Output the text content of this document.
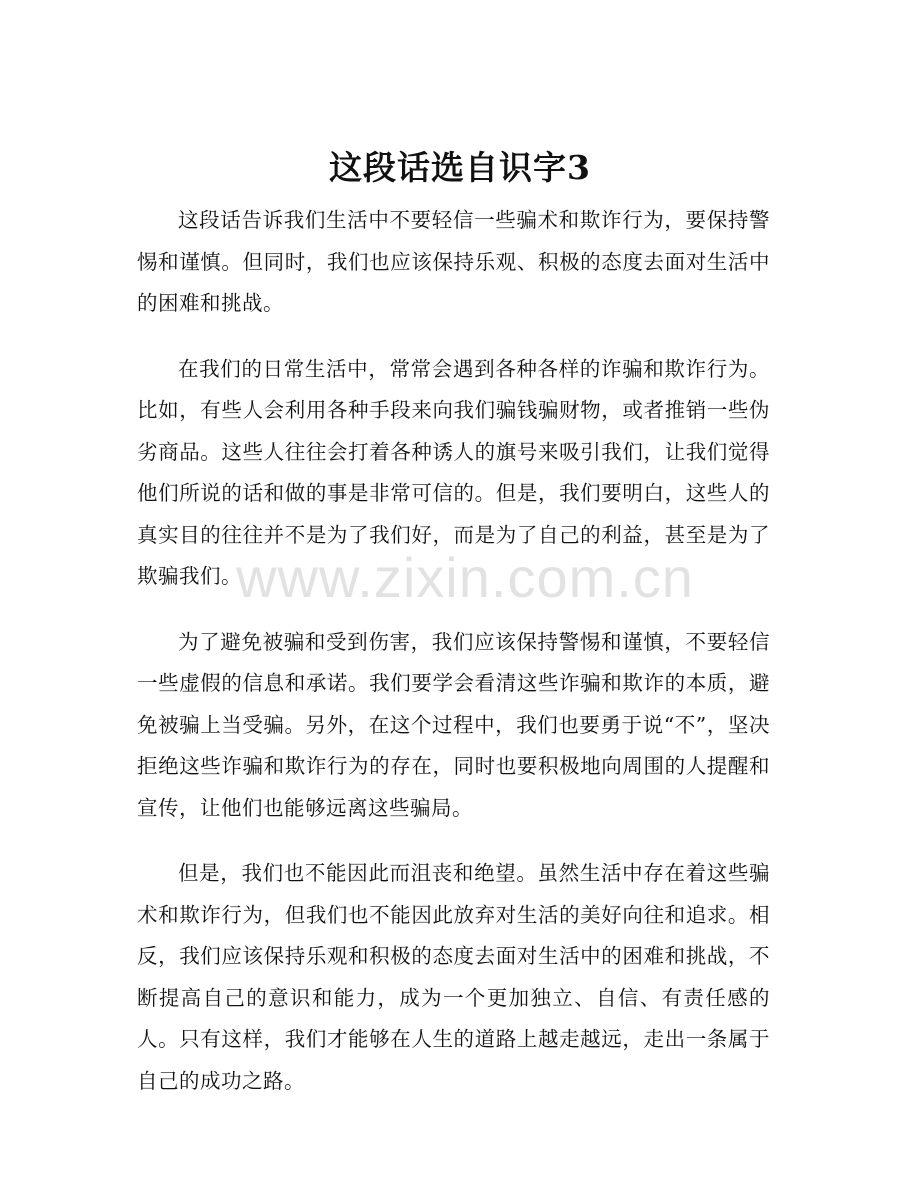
这段话选自识字3

这段话告诉我们生活中不要轻信一些骗术和欺诈行为，要保持警惕和谨慎。但同时，我们也应该保持乐观、积极的态度去面对生活中的困难和挑战。

在我们的日常生活中，常常会遇到各种各样的诈骗和欺诈行为。比如，有些人会利用各种手段来向我们骗钱骗财物，或者推销一些伪劣商品。这些人往往会打着各种诱人的旗号来吸引我们，让我们觉得他们所说的话和做的事是非常可信的。但是，我们要明白，这些人的真实目的往往并不是为了我们好，而是为了自己的利益，甚至是为了欺骗我们。

为了避免被骗和受到伤害，我们应该保持警惕和谨慎，不要轻信一些虚假的信息和承诺。我们要学会看清这些诈骗和欺诈的本质，避免被骗上当受骗。另外，在这个过程中，我们也要勇于说“不”，坚决拒绝这些诈骗和欺诈行为的存在，同时也要积极地向周围的人提醒和宣传，让他们也能够远离这些骗局。

但是，我们也不能因此而沮丧和绝望。虽然生活中存在着这些骗术和欺诈行为，但我们也不能因此放弃对生活的美好向往和追求。相反，我们应该保持乐观和积极的态度去面对生活中的困难和挑战，不断提高自己的意识和能力，成为一个更加独立、自信、有责任感的人。只有这样，我们才能够在人生的道路上越走越远，走出一条属于自己的成功之路。

www.zixin.com.cn
